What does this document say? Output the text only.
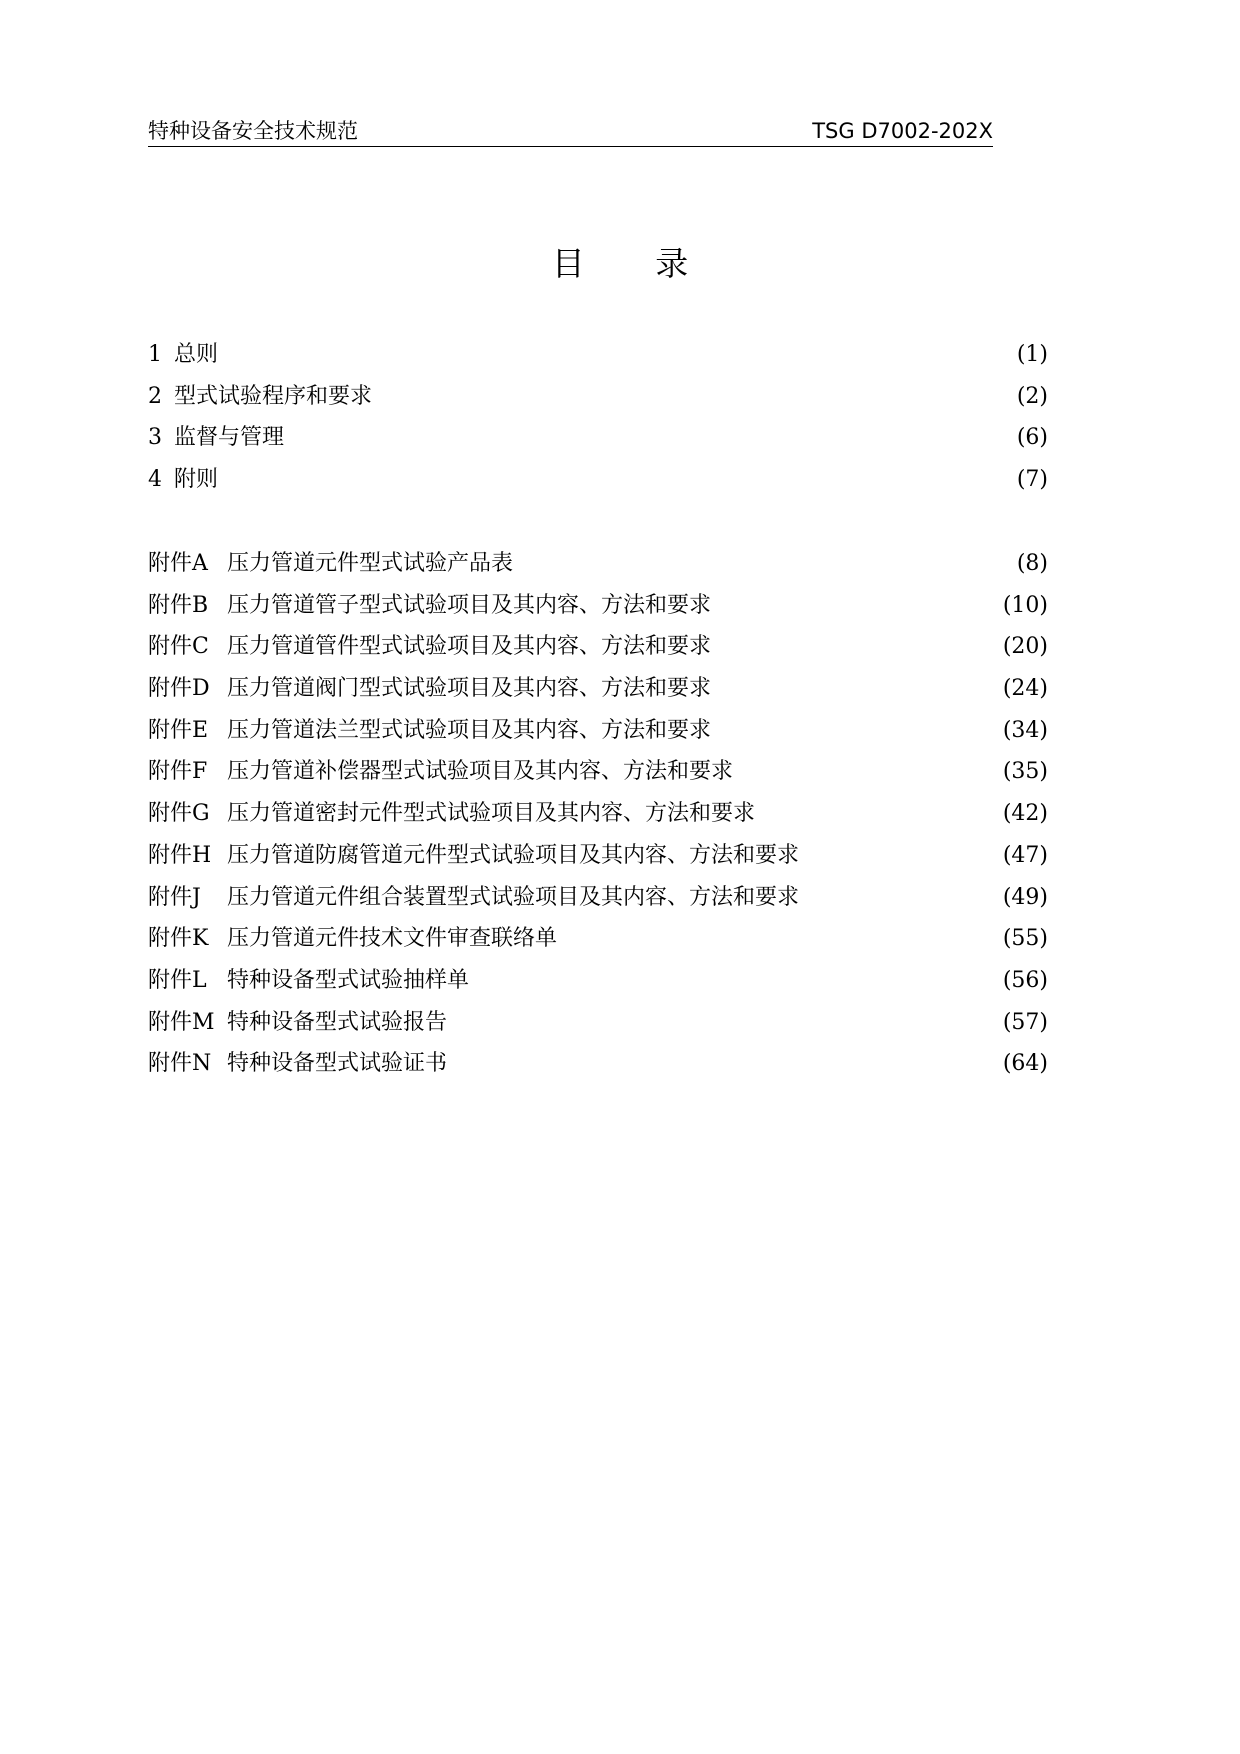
特种设备安全技术规范	TSG D7002-202X
目 录
1 总则	(1)
2 型式试验程序和要求	(2)
3 监督与管理	(6)
4 附则	(7)
附件A 压力管道元件型式试验产品表	(8)
附件B 压力管道管子型式试验项目及其内容、方法和要求	(10)
附件C 压力管道管件型式试验项目及其内容、方法和要求	(20)
附件D 压力管道阀门型式试验项目及其内容、方法和要求	(24)
附件E 压力管道法兰型式试验项目及其内容、方法和要求	(34)
附件F 压力管道补偿器型式试验项目及其内容、方法和要求	(35)
附件G 压力管道密封元件型式试验项目及其内容、方法和要求	(42)
附件H 压力管道防腐管道元件型式试验项目及其内容、方法和要求	(47)
附件J 压力管道元件组合装置型式试验项目及其内容、方法和要求	(49)
附件K 压力管道元件技术文件审查联络单	(55)
附件L 特种设备型式试验抽样单	(56)
附件M 特种设备型式试验报告	(57)
附件N 特种设备型式试验证书	(64)
